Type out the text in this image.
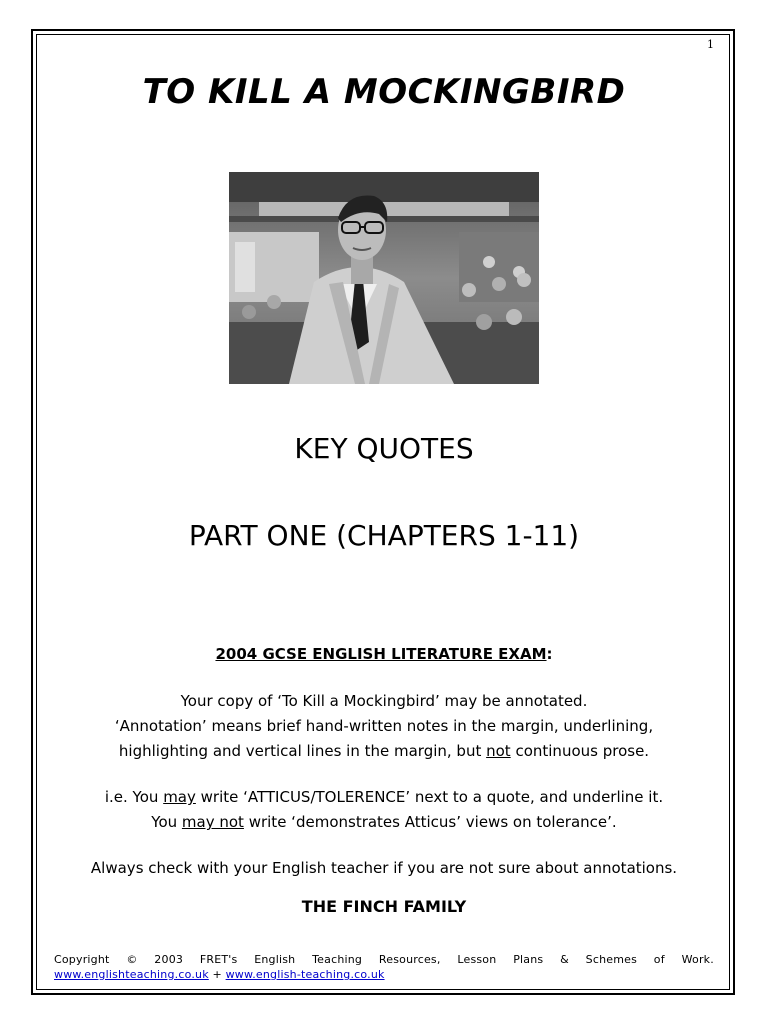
1
TO KILL A MOCKINGBIRD
KEY QUOTES
PART ONE (CHAPTERS 1-11)
2004 GCSE ENGLISH LITERATURE EXAM:
Your copy of ‘To Kill a Mockingbird’ may be annotated.
‘Annotation’ means brief hand-written notes in the margin, underlining,
highlighting and vertical lines in the margin, but not continuous prose.
i.e. You may write ‘ATTICUS/TOLERENCE’ next to a quote, and underline it.
You may not write ‘demonstrates Atticus’ views on tolerance’.
Always check with your English teacher if you are not sure about annotations.
THE FINCH FAMILY
Copyright © 2003 FRET's English Teaching Resources, Lesson Plans & Schemes of Work.
www.englishteaching.co.uk + www.english-teaching.co.uk
